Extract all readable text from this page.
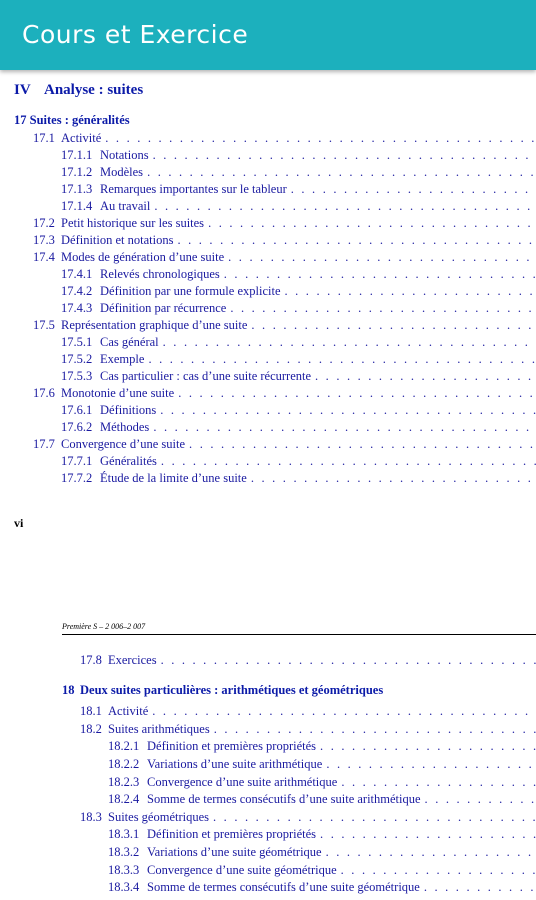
Cours et Exercice
IV Analyse : suites
17 Suites : généralités
17.1 Activité
. . .
17.1.1 Notations
. . .
17.1.2 Modèles
. . .
17.1.3 Remarques importantes sur le tableur
. . .
17.1.4 Au travail
. . .
17.2 Petit historique sur les suites
. . .
17.3 Définition et notations
. . .
17.4 Modes de génération d’une suite
. . .
17.4.1 Relevés chronologiques
. . .
17.4.2 Définition par une formule explicite
. . .
17.4.3 Définition par récurrence
. . .
17.5 Représentation graphique d’une suite
. . .
17.5.1 Cas général
. . .
17.5.2 Exemple
. . .
17.5.3 Cas particulier : cas d’une suite récurrente
. . .
17.6 Monotonie d’une suite
. . .
17.6.1 Définitions
. . .
17.6.2 Méthodes
. . .
17.7 Convergence d’une suite
. . .
17.7.1 Généralités
. . .
17.7.2 Étude de la limite d’une suite
. . .
vi
Première S – 2 006–2 007
17.8 Exercices
. . .
18 Deux suites particulières : arithmétiques et géométriques
18.1 Activité
. . .
18.2 Suites arithmétiques
. . .
18.2.1 Définition et premières propriétés
. . .
18.2.2 Variations d’une suite arithmétique
. . .
18.2.3 Convergence d’une suite arithmétique
. . .
18.2.4 Somme de termes consécutifs d’une suite arithmétique
. . .
18.3 Suites géométriques
. . .
18.3.1 Définition et premières propriétés
. . .
18.3.2 Variations d’une suite géométrique
. . .
18.3.3 Convergence d’une suite géométrique
. . .
18.3.4 Somme de termes consécutifs d’une suite géométrique
. . .
